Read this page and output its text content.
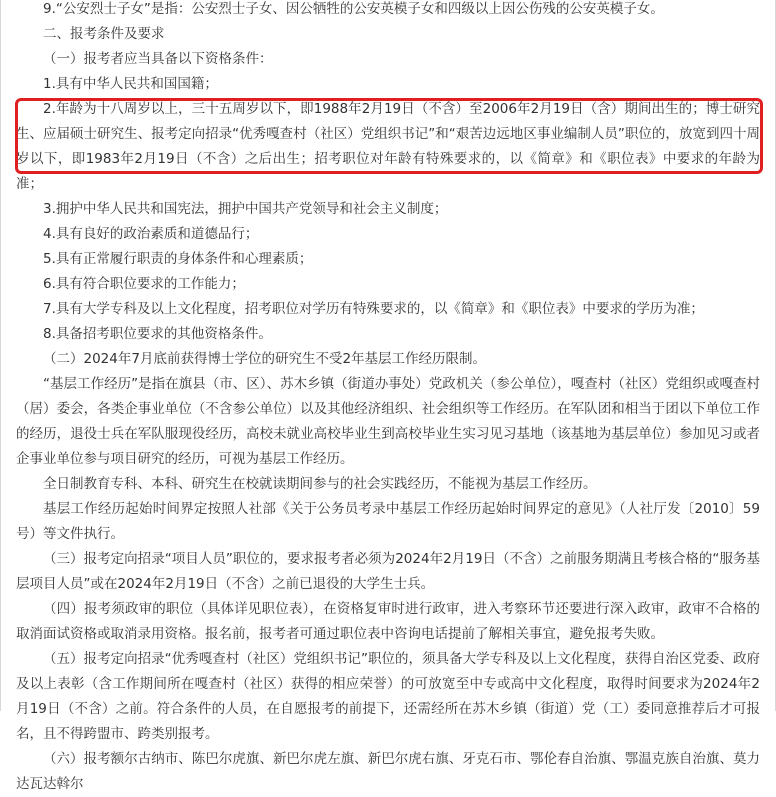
9.“公安烈士子女”是指：公安烈士子女、因公牺牲的公安英模子女和四级以上因公伤残的公安英模子女。

二、报考条件及要求

（一）报考者应当具备以下资格条件：

1.具有中华人民共和国国籍；

2.年龄为十八周岁以上，三十五周岁以下，即1988年2月19日（不含）至2006年2月19日（含）期间出生的；博士研究生、应届硕士研究生、报考定向招录“优秀嘎查村（社区）党组织书记”和“艰苦边远地区事业编制人员”职位的，放宽到四十周岁以下，即1983年2月19日（不含）之后出生；招考职位对年龄有特殊要求的，以《简章》和《职位表》中要求的年龄为准；

3.拥护中华人民共和国宪法，拥护中国共产党领导和社会主义制度；

4.具有良好的政治素质和道德品行；

5.具有正常履行职责的身体条件和心理素质；

6.具有符合职位要求的工作能力；

7.具有大学专科及以上文化程度，招考职位对学历有特殊要求的，以《简章》和《职位表》中要求的学历为准；

8.具备招考职位要求的其他资格条件。

（二）2024年7月底前获得博士学位的研究生不受2年基层工作经历限制。

“基层工作经历”是指在旗县（市、区）、苏木乡镇（街道办事处）党政机关（参公单位），嘎查村（社区）党组织或嘎查村（居）委会，各类企事业单位（不含参公单位）以及其他经济组织、社会组织等工作经历。在军队团和相当于团以下单位工作的经历，退役士兵在军队服现役经历，高校未就业高校毕业生到高校毕业生实习见习基地（该基地为基层单位）参加见习或者企事业单位参与项目研究的经历，可视为基层工作经历。

全日制教育专科、本科、研究生在校就读期间参与的社会实践经历，不能视为基层工作经历。

基层工作经历起始时间界定按照人社部《关于公务员考录中基层工作经历起始时间界定的意见》（人社厅发〔2010〕59号）等文件执行。

（三）报考定向招录“项目人员”职位的，要求报考者必须为2024年2月19日（不含）之前服务期满且考核合格的“服务基层项目人员”或在2024年2月19日（不含）之前已退役的大学生士兵。

（四）报考须政审的职位（具体详见职位表），在资格复审时进行政审，进入考察环节还要进行深入政审，政审不合格的取消面试资格或取消录用资格。报名前，报考者可通过职位表中咨询电话提前了解相关事宜，避免报考失败。

（五）报考定向招录“优秀嘎查村（社区）党组织书记”职位的，须具备大学专科及以上文化程度，获得自治区党委、政府及以上表彰（含工作期间所在嘎查村（社区）获得的相应荣誉）的可放宽至中专或高中文化程度，取得时间要求为2024年2月19日（不含）之前。符合条件的人员，在自愿报考的前提下，还需经所在苏木乡镇（街道）党（工）委同意推荐后才可报名，且不得跨盟市、跨类别报考。

（六）报考额尔古纳市、陈巴尔虎旗、新巴尔虎左旗、新巴尔虎右旗、牙克石市、鄂伦春自治旗、鄂温克族自治旗、莫力达瓦达斡尔
